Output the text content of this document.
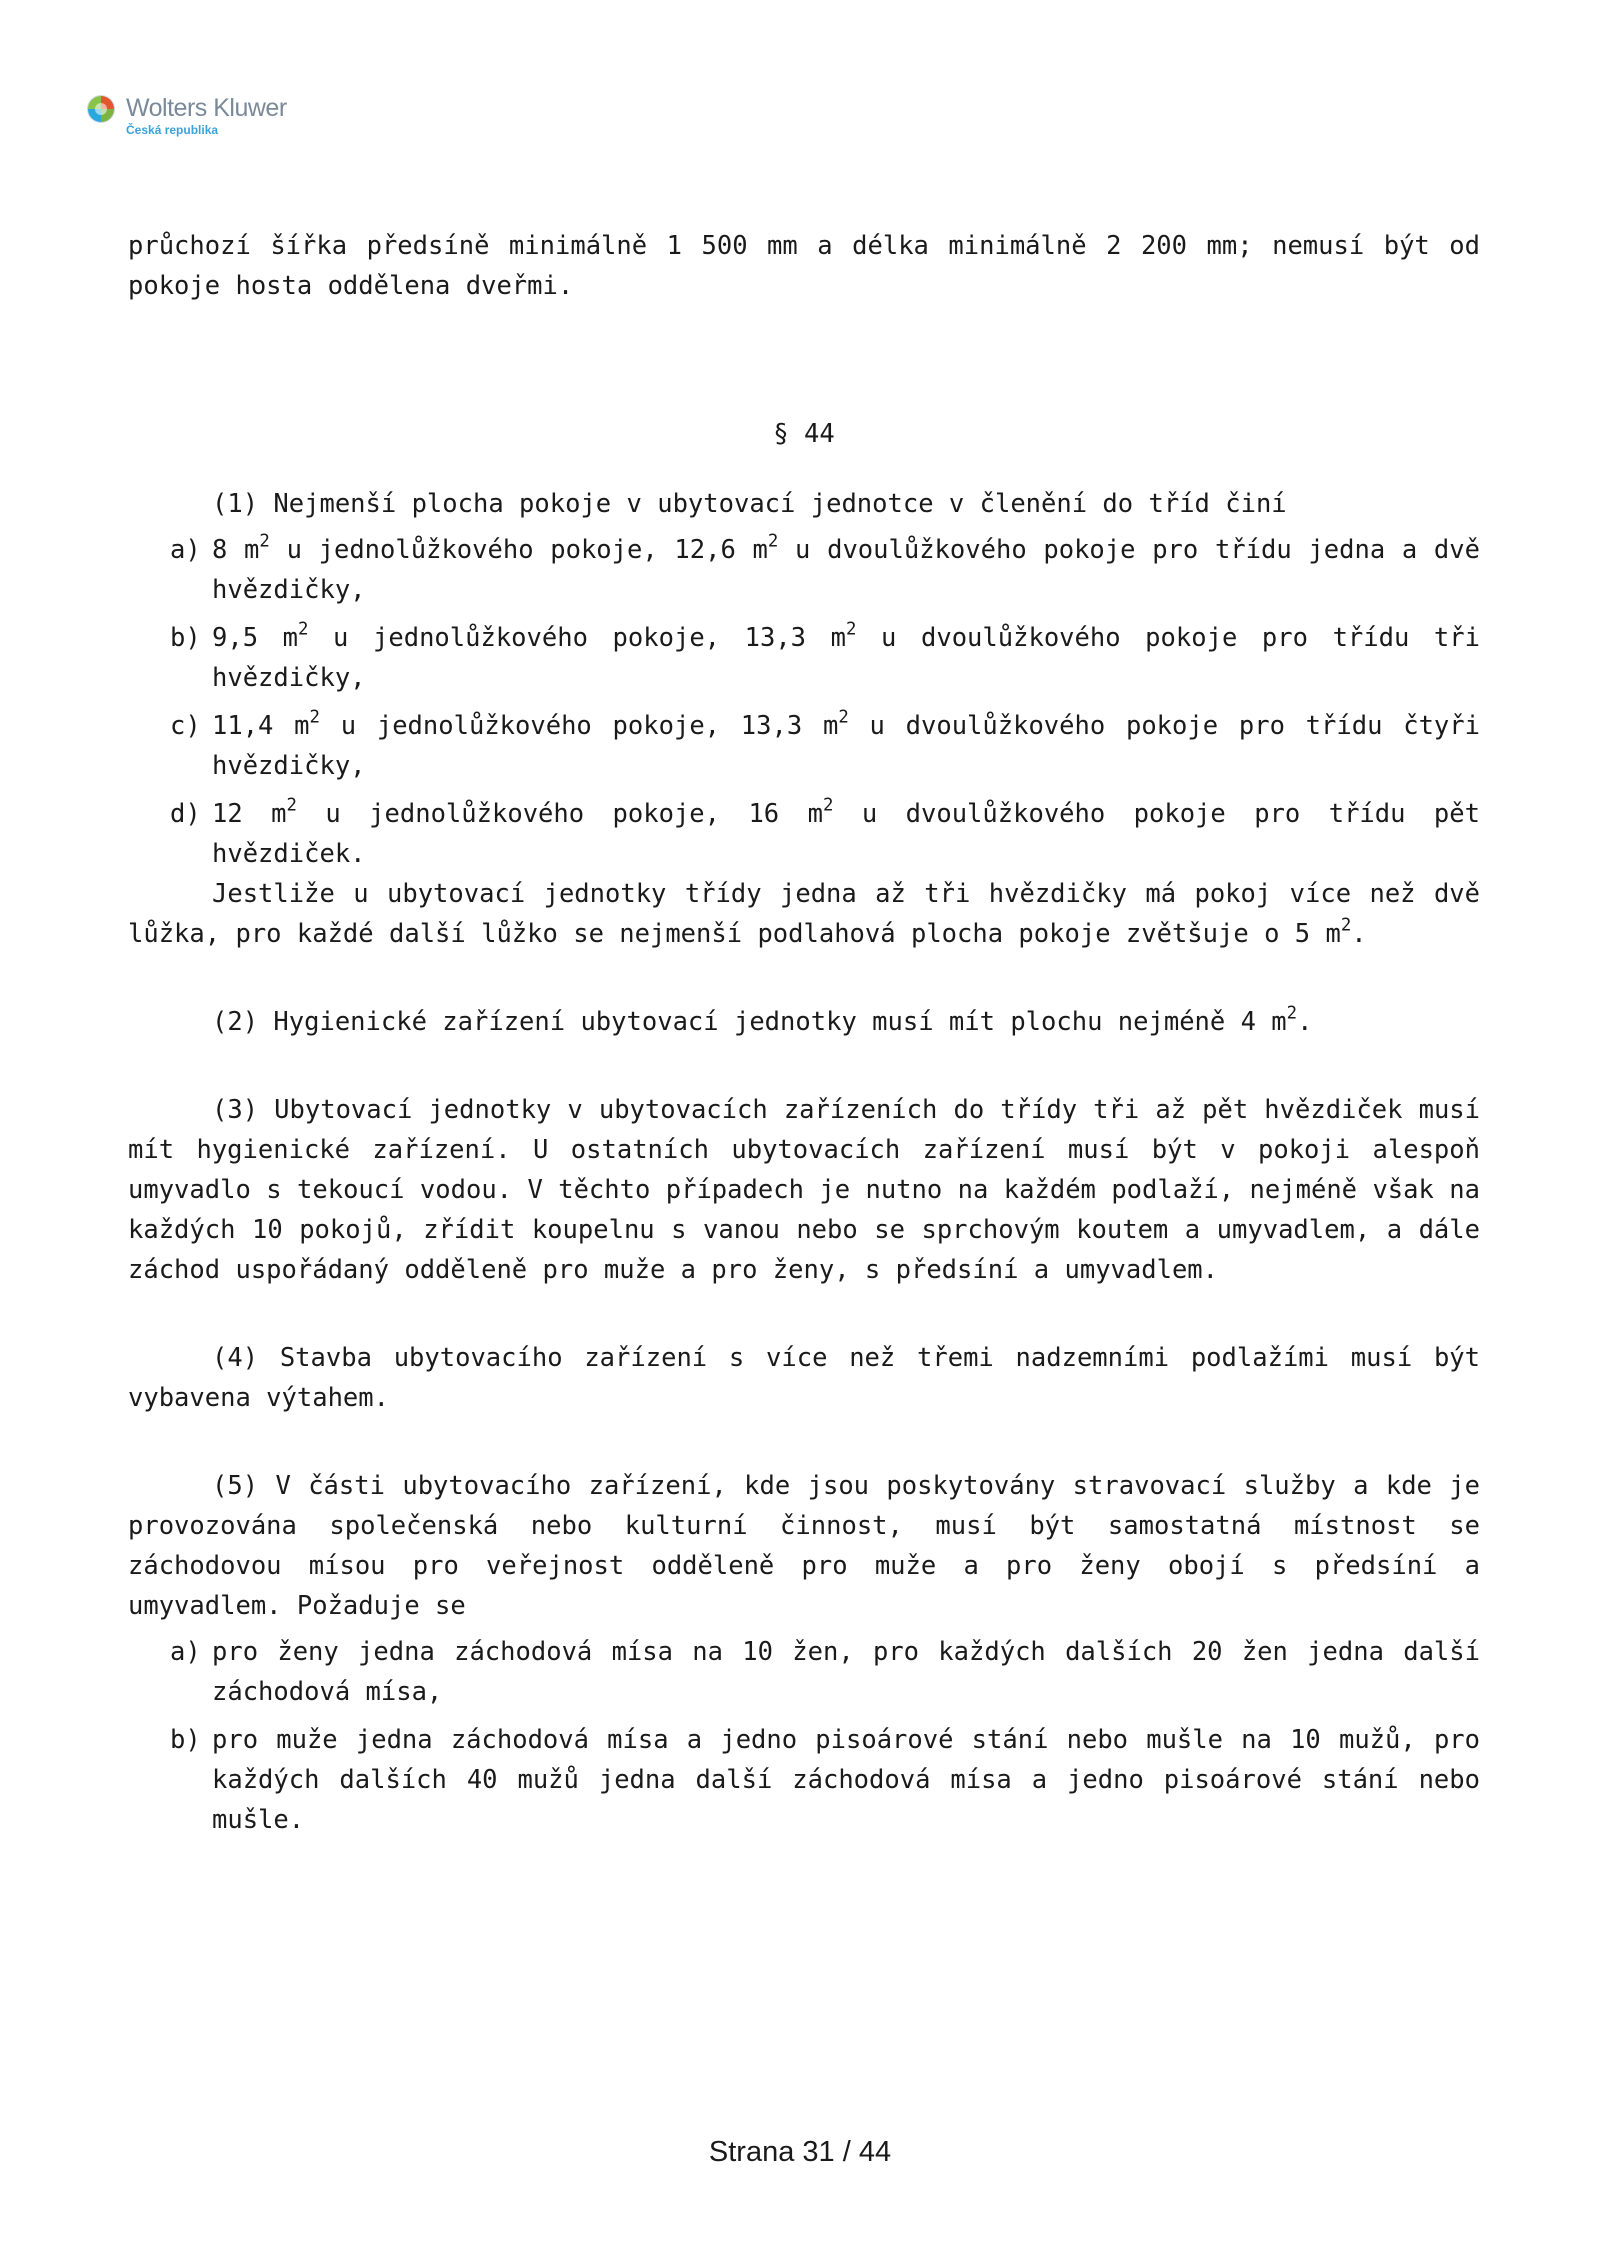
Wolters Kluwer
Česká republika

průchozí šířka předsíně minimálně 1 500 mm a délka minimálně 2 200 mm; nemusí být od pokoje hosta oddělena dveřmi.

§ 44

(1) Nejmenší plocha pokoje v ubytovací jednotce v členění do tříd činí

a) 8 $m^2$ u jednolůžkového pokoje, 12,6 $m^2$ u dvoulůžkového pokoje pro třídu jedna a dvě hvězdičky,
b) 9,5 $m^2$ u jednolůžkového pokoje, 13,3 $m^2$ u dvoulůžkového pokoje pro třídu tři hvězdičky,
c) 11,4 $m^2$ u jednolůžkového pokoje, 13,3 $m^2$ u dvoulůžkového pokoje pro třídu čtyři hvězdičky,
d) 12 $m^2$ u jednolůžkového pokoje, 16 $m^2$ u dvoulůžkového pokoje pro třídu pět hvězdiček.

Jestliže u ubytovací jednotky třídy jedna až tři hvězdičky má pokoj více než dvě lůžka, pro každé další lůžko se nejmenší podlahová plocha pokoje zvětšuje o 5 $m^2$.

(2) Hygienické zařízení ubytovací jednotky musí mít plochu nejméně 4 $m^2$.

(3) Ubytovací jednotky v ubytovacích zařízeních do třídy tři až pět hvězdiček musí mít hygienické zařízení. U ostatních ubytovacích zařízení musí být v pokoji alespoň umyvadlo s tekoucí vodou. V těchto případech je nutno na každém podlaží, nejméně však na každých 10 pokojů, zřídit koupelnu s vanou nebo se sprchovým koutem a umyvadlem, a dále záchod uspořádaný odděleně pro muže a pro ženy, s předsíní a umyvadlem.

(4) Stavba ubytovacího zařízení s více než třemi nadzemními podlažími musí být vybavena výtahem.

(5) V části ubytovacího zařízení, kde jsou poskytovány stravovací služby a kde je provozována společenská nebo kulturní činnost, musí být samostatná místnost se záchodovou mísou pro veřejnost odděleně pro muže a pro ženy obojí s předsíní a umyvadlem. Požaduje se

a) pro ženy jedna záchodová mísa na 10 žen, pro každých dalších 20 žen jedna další záchodová mísa,
b) pro muže jedna záchodová mísa a jedno pisoárové stání nebo mušle na 10 mužů, pro každých dalších 40 mužů jedna další záchodová mísa a jedno pisoárové stání nebo mušle.
Strana 31 / 44
